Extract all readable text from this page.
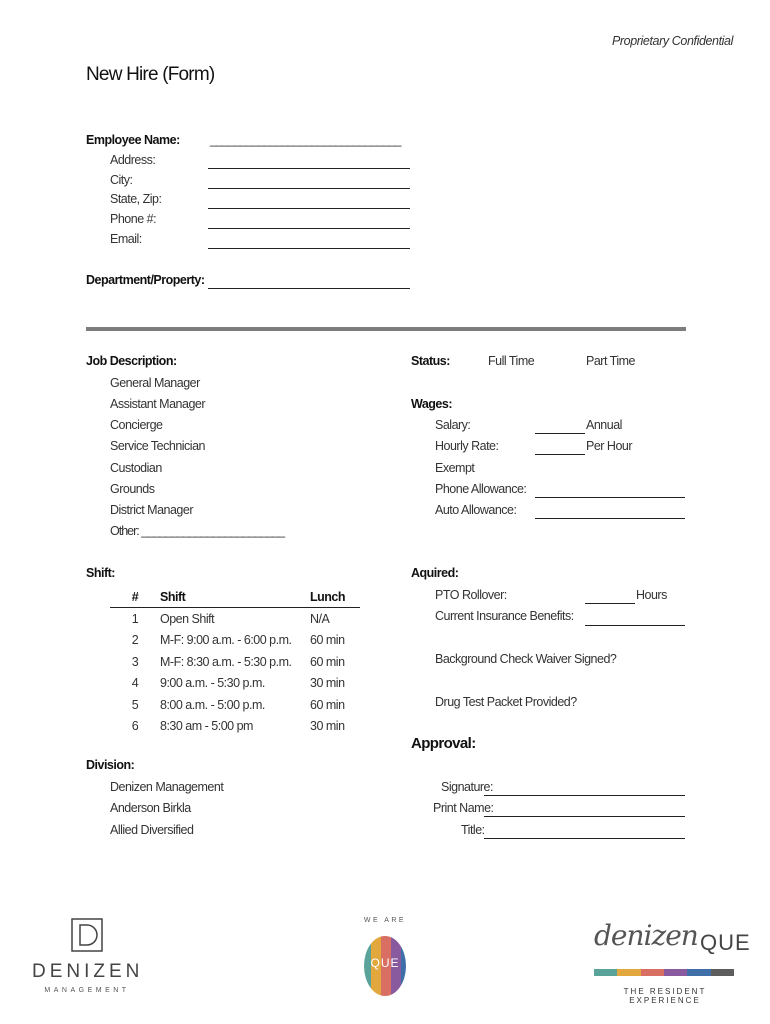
Proprietary Confidential
New Hire (Form)
Employee Name: ________________________________
Address:
City:
State, Zip:
Phone #:
Email:
Department/Property:
Job Description:
General Manager
Assistant Manager
Concierge
Service Technician
Custodian
Grounds
District Manager
Other: ________________________
Status:	Full Time	Part Time
Wages:
Salary:	Annual
Hourly Rate:	Per Hour
Exempt
Phone Allowance:
Auto Allowance:
Shift:
#	Shift	Lunch
1	Open Shift	N/A
2	M-F: 9:00 a.m. - 6:00 p.m.	60 min
3	M-F: 8:30 a.m. - 5:30 p.m.	60 min
4	9:00 a.m. - 5:30 p.m.	30 min
5	8:00 a.m. - 5:00 p.m.	60 min
6	8:30 am - 5:00 pm	30 min
Aquired:
PTO Rollover:	Hours
Current Insurance Benefits:
Background Check Waiver Signed?
Drug Test Packet Provided?
Approval:
Signature:
Print Name:
Title:
Division:
Denizen Management
Anderson Birkla
Allied Diversified
DENIZEN
MANAGEMENT
WE ARE
QUE
denizen QUE
THE RESIDENT EXPERIENCE
